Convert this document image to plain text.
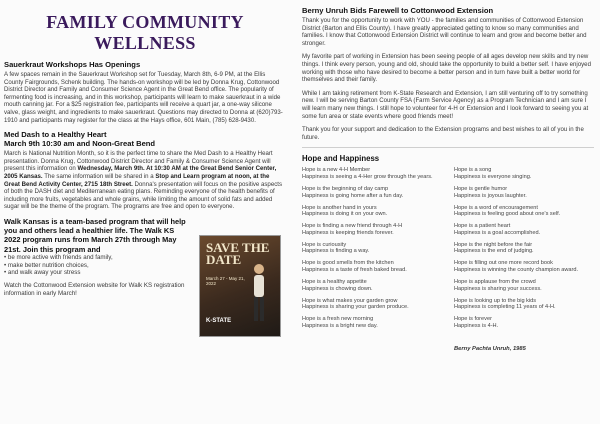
FAMILY COMMUNITY WELLNESS
Sauerkraut Workshops Has Openings

A few spaces remain in the Sauerkraut Workshop set for Tuesday, March 8th, 6-9 PM, at the Ellis County Fairgrounds, Schenk building. The hands-on workshop will be led by Donna Krug, Cottonwood District Director and Family and Consumer Science Agent in the Great Bend office. The popularity of fermenting food is increasing, and in this workshop, participants will learn to make sauerkraut in a wide mouth canning jar. For a $25 registration fee, participants will receive a quart jar, a one-way silicone valve, glass weight, and ingredients to make sauerkraut. Questions may directed to Donna at (620)793-1910 and participants may register for the class at the Hays office, 601 Main, (785) 628-9430.

Med Dash to a Healthy Heart
March 9th 10:30 am and Noon-Great Bend

March is National Nutrition Month, so it is the perfect time to share the Med Dash to a Healthy Heart presentation. Donna Krug, Cottonwood District Director and Family & Consumer Science Agent will present this information on Wednesday, March 9th. At 10:30 AM at the Great Bend Senior Center, 2005 Kansas. The same information will be shared in a Stop and Learn program at noon, at the Great Bend Activity Center, 2715 18th Street. Donna's presentation will focus on the positive aspects of both the DASH diet and Mediterranean eating plans. Reminding everyone of the health benefits of including more fruits, vegetables and whole grains, while limiting the amount of solid fats and added sugar will be the theme of the program. The programs are free and open to everyone.

Walk Kansas is a team-based program that will help you and others lead a healthier life. The Walk KS 2022 program runs from March 27th through May 21st. Join this program and

• be more active with friends and family,
• make better nutrition choices,
• and walk away your stress

Watch the Cottonwood Extension website for Walk KS registration information in early March!

SAVE THE DATE
March 27 - May 21, 2022
K-STATE
Berny Unruh Bids Farewell to Cottonwood Extension

Thank you for the opportunity to work with YOU - the families and communities of Cottonwood Extension District (Barton and Ellis County). I have greatly appreciated getting to know so many communities and families. I know that Cottonwood Extension District will continue to learn and grow and become better and stronger.

My favorite part of working in Extension has been seeing people of all ages develop new skills and try new things. I think every person, young and old, should take the opportunity to build a better self. I have enjoyed working with those who have desired to become a better person and in turn have built a better world for themselves and their family.

While I am taking retirement from K-State Research and Extension, I am still venturing off to try something new. I will be serving Barton County FSA (Farm Service Agency) as a Program Technician and I am sure I will learn many new things. I still hope to volunteer for 4-H or Extension and I look forward to seeing you at some fun area or state events where good friends meet!

Thank you for your support and dedication to the Extension programs and best wishes to all of you in the future.

Hope and Happiness
Hope is a new 4-H Member
Happiness is seeing a 4-Her grow through the years.
Hope is the beginning of day camp
Happiness is going home after a fun day.
Hope is another hand in yours
Happiness is doing it on your own.
Hope is finding a new friend through 4-H
Happiness is keeping friends forever.
Hope is curiousity
Happiness is finding a way.
Hope is good smells from the kitchen
Happiness is a taste of fresh baked bread.
Hope is a healthy appetite
Happiness is chowing down.
Hope is what makes your garden grow
Happiness is sharing your garden produce.
Hope is a fresh new morning
Happiness is a bright new day.
Hope is a song
Happiness is everyone singing.
Hope is gentle humor
Happiness is joyous laughter.
Hope is a word of encouragement
Happiness is feeling good about one's self.
Hope is a patient heart
Happiness is a goal accomplished.
Hope is the night before the fair
Happiness is the end of judging.
Hope is filling out one more record book
Happiness is winning the county champion award.
Hope is applause from the crowd
Happiness is sharing your success.
Hope is looking up to the big kids
Happiness is completing 11 years of 4-H.
Hope is forever
Happiness is 4-H.
Berny Pachta Unruh, 1985
